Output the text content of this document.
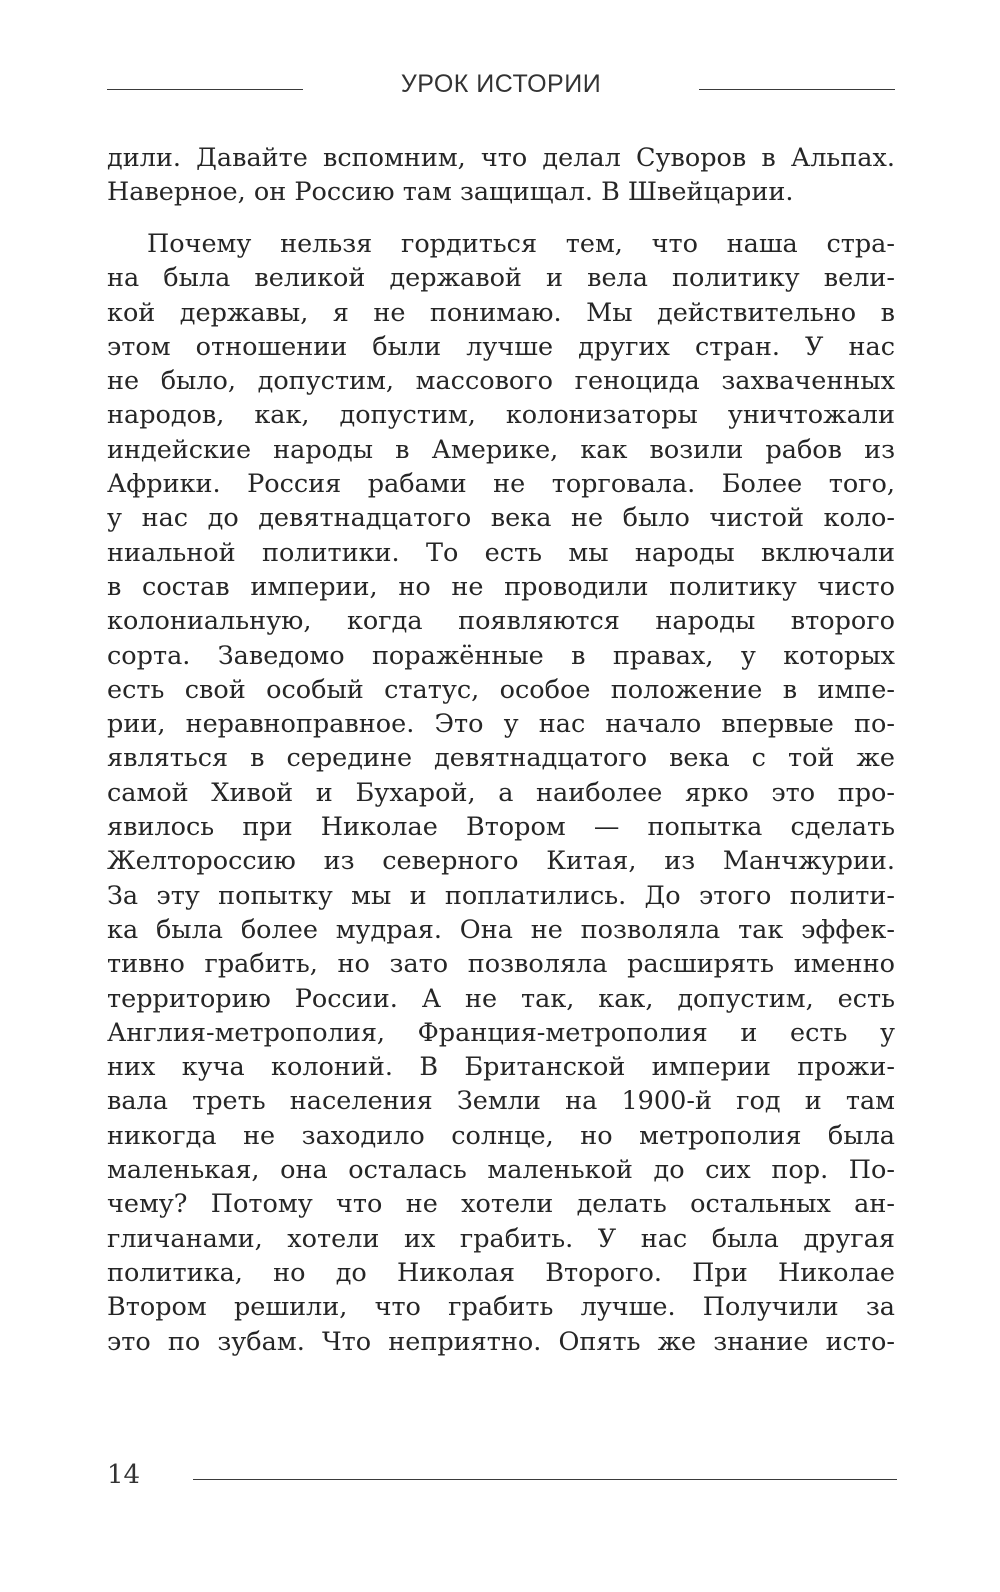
УРОК ИСТОРИИ
дили. Давайте вспомним, что делал Суворов в Альпах.
Наверное, он Россию там защищал. В Швейцарии.
Почему нельзя гордиться тем, что наша стра-
на была великой державой и вела политику вели-
кой державы, я не понимаю. Мы действительно в
этом отношении были лучше других стран. У нас
не было, допустим, массового геноцида захваченных
народов, как, допустим, колонизаторы уничтожали
индейские народы в Америке, как возили рабов из
Африки. Россия рабами не торговала. Более того,
у нас до девятнадцатого века не было чистой коло-
ниальной политики. То есть мы народы включали
в состав империи, но не проводили политику чисто
колониальную, когда появляются народы второго
сорта. Заведомо поражённые в правах, у которых
есть свой особый статус, особое положение в импе-
рии, неравноправное. Это у нас начало впервые по-
являться в середине девятнадцатого века с той же
самой Хивой и Бухарой, а наиболее ярко это про-
явилось при Николае Втором — попытка сделать
Желтороссию из северного Китая, из Манчжурии.
За эту попытку мы и поплатились. До этого полити-
ка была более мудрая. Она не позволяла так эффек-
тивно грабить, но зато позволяла расширять именно
территорию России. А не так, как, допустим, есть
Англия-метрополия, Франция-метрополия и есть у
них куча колоний. В Британской империи прожи-
вала треть населения Земли на 1900-й год и там
никогда не заходило солнце, но метрополия была
маленькая, она осталась маленькой до сих пор. По-
чему? Потому что не хотели делать остальных ан-
гличанами, хотели их грабить. У нас была другая
политика, но до Николая Второго. При Николае
Втором решили, что грабить лучше. Получили за
это по зубам. Что неприятно. Опять же знание исто-
14
